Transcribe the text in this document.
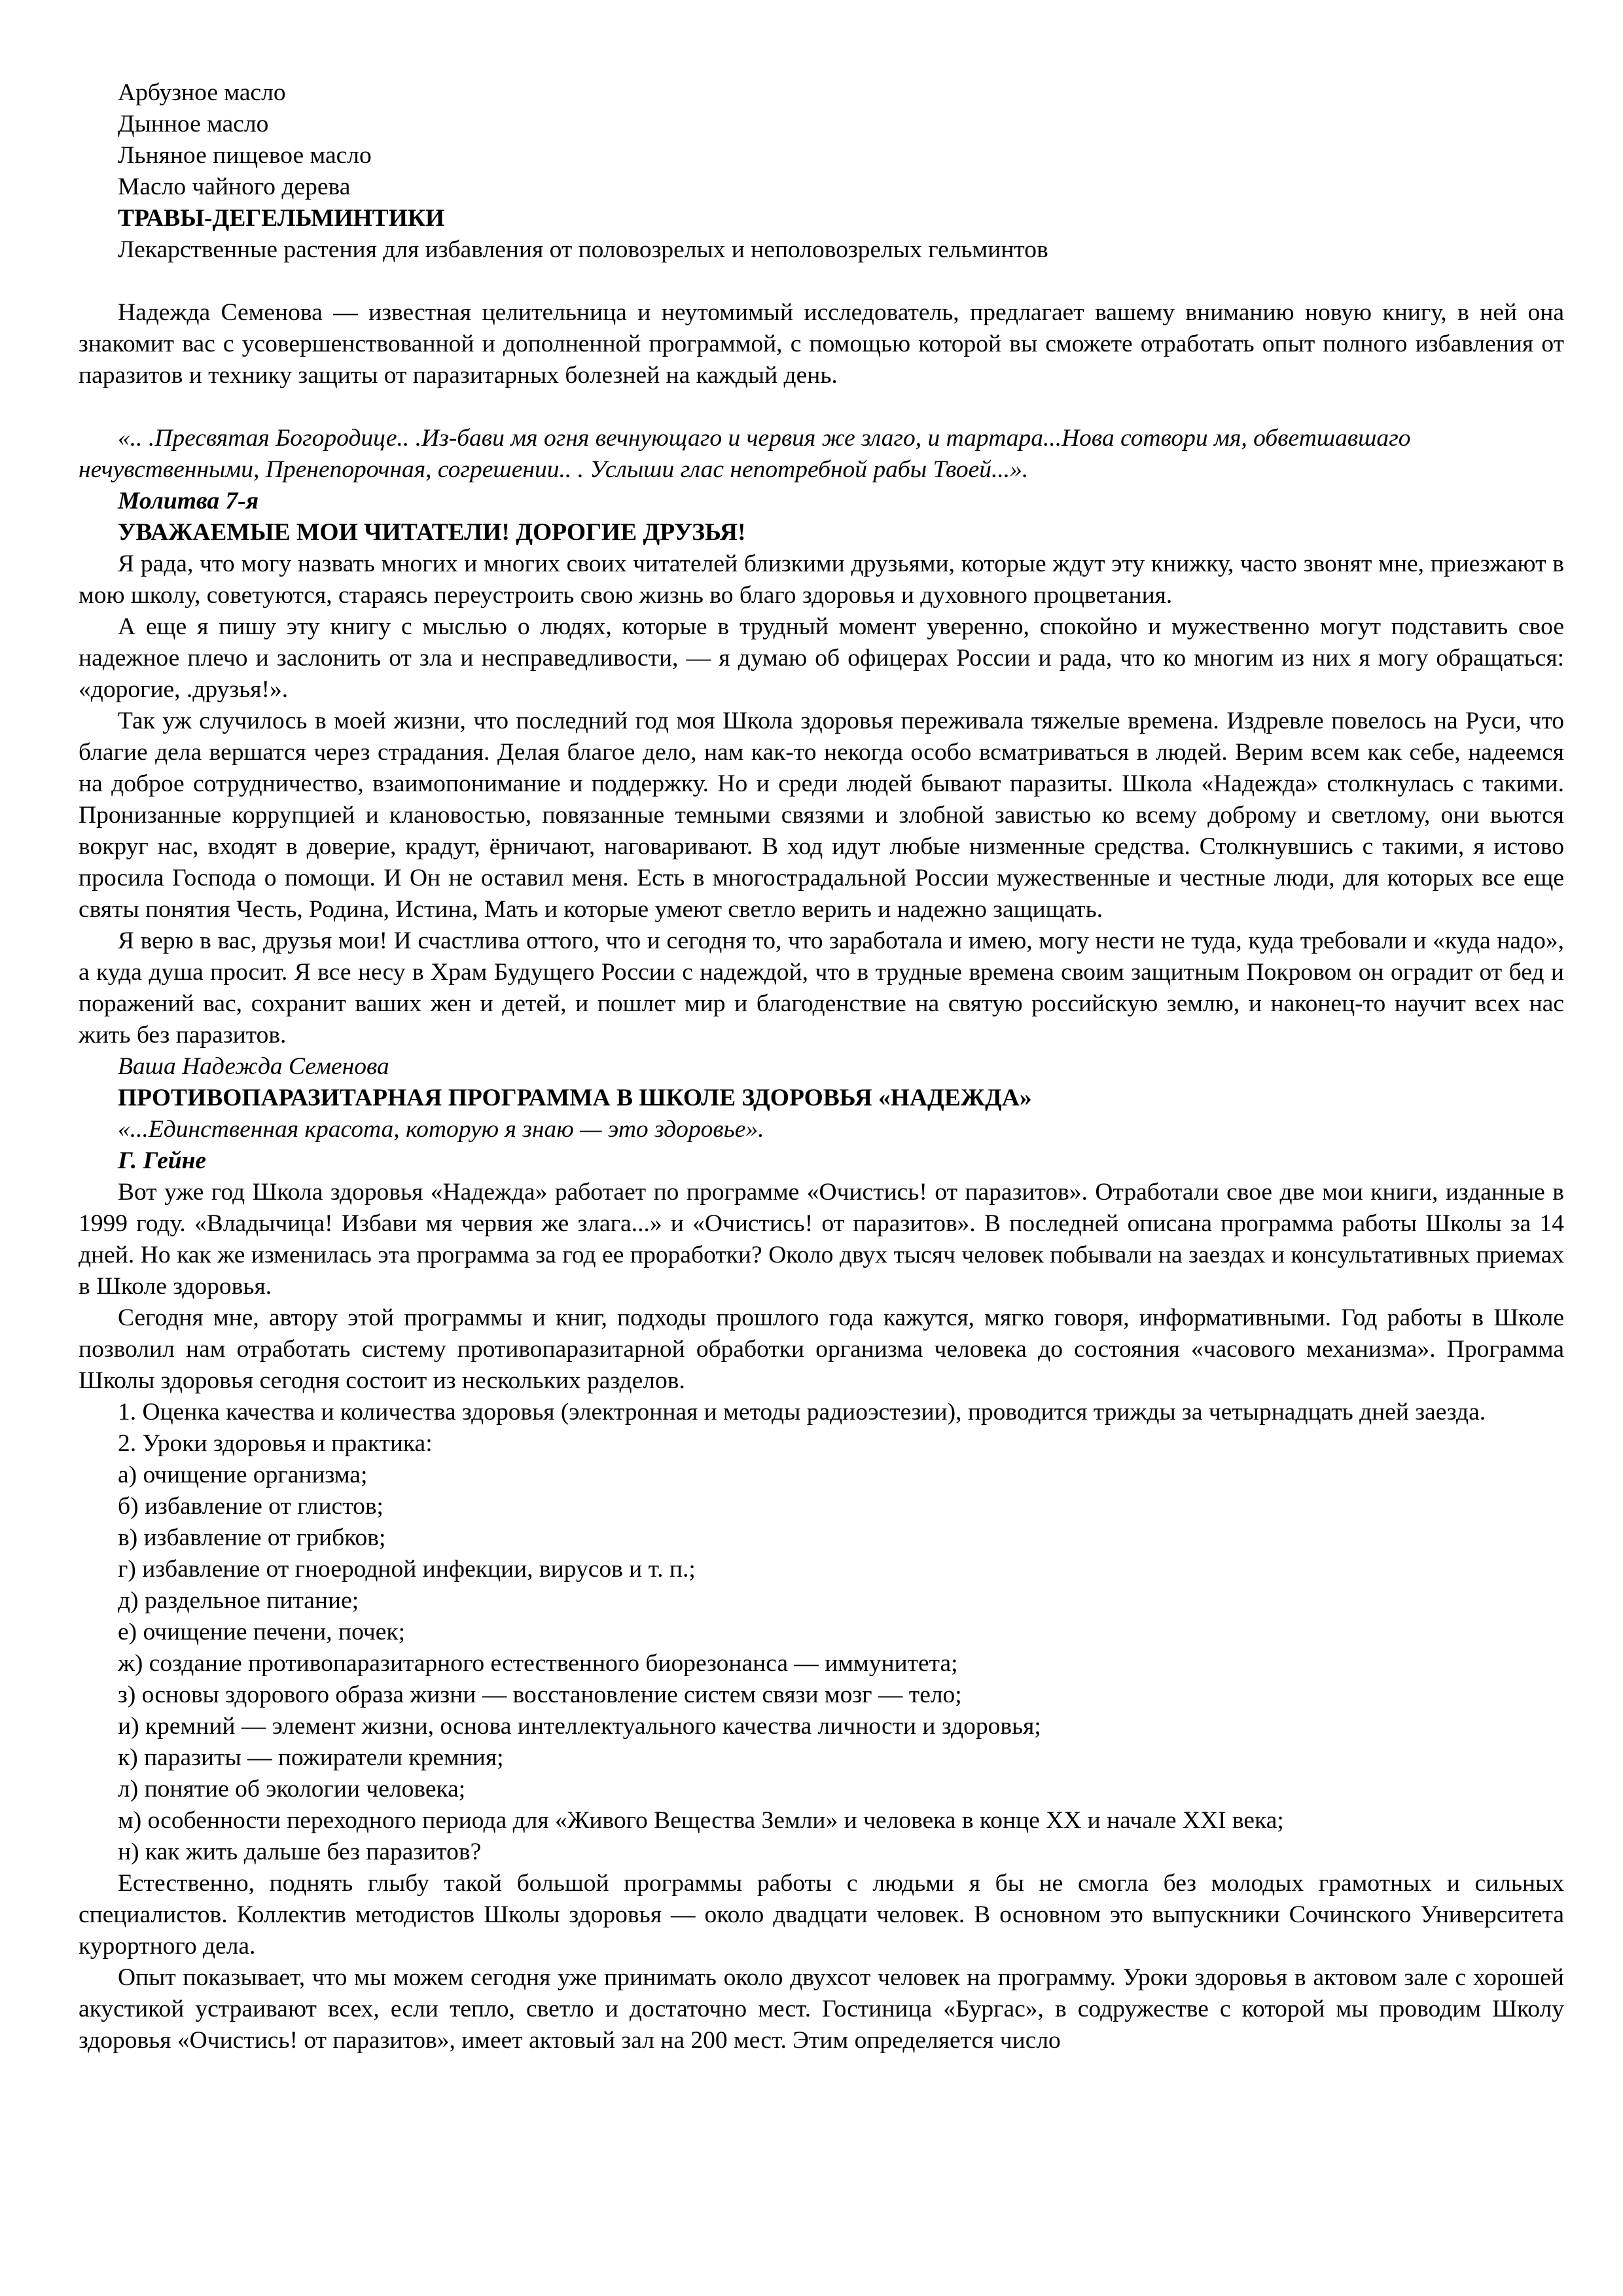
Арбузное масло

Дынное масло

Льняное пищевое масло

Масло чайного дерева

ТРАВЫ-ДЕГЕЛЬМИНТИКИ

Лекарственные растения для избавления от половозрелых и неполовозрелых гельминтов

Надежда Семенова — известная целительница и неутомимый исследователь, предлагает вашему вниманию новую книгу, в ней она знакомит вас с усовершенствованной и дополненной программой, с помощью которой вы сможете отработать опыт полного избавления от паразитов и технику защиты от паразитарных болезней на каждый день.

«.. .Пресвятая Богородице.. .Из-бави мя огня вечнующаго и червия же злаго, и тартара...Нова сотвори мя, обветшавшаго нечувственными, Пренепорочная, согрешении.. . Услыши глас непотребной рабы Твоей...».

Молитва 7-я

УВАЖАЕМЫЕ МОИ ЧИТАТЕЛИ! ДОРОГИЕ ДРУЗЬЯ!

Я рада, что могу назвать многих и многих своих читателей близкими друзьями, которые ждут эту книжку, часто звонят мне, приезжают в мою школу, советуются, стараясь переустроить свою жизнь во благо здоровья и духовного процветания.

А еще я пишу эту книгу с мыслью о людях, которые в трудный момент уверенно, спокойно и мужественно могут подставить свое надежное плечо и заслонить от зла и несправедливости, — я думаю об офицерах России и рада, что ко многим из них я могу обращаться: «дорогие, .друзья!».

Так уж случилось в моей жизни, что последний год моя Школа здоровья переживала тяжелые времена. Издревле повелось на Руси, что благие дела вершатся через страдания. Делая благое дело, нам как-то некогда особо всматриваться в людей. Верим всем как себе, надеемся на доброе сотрудничество, взаимопонимание и поддержку. Но и среди людей бывают паразиты. Школа «Надежда» столкнулась с такими. Пронизанные коррупцией и клановостью, повязанные темными связями и злобной завистью ко всему доброму и светлому, они вьются вокруг нас, входят в доверие, крадут, ёрничают, наговаривают. В ход идут любые низменные средства. Столкнувшись с такими, я истово просила Господа о помощи. И Он не оставил меня. Есть в многострадальной России мужественные и честные люди, для которых все еще святы понятия Честь, Родина, Истина, Мать и которые умеют светло верить и надежно защищать.

Я верю в вас, друзья мои! И счастлива оттого, что и сегодня то, что заработала и имею, могу нести не туда, куда требовали и «куда надо», а куда душа просит. Я все несу в Храм Будущего России с надеждой, что в трудные времена своим защитным Покровом он оградит от бед и поражений вас, сохранит ваших жен и детей, и пошлет мир и благоденствие на святую российскую землю, и наконец-то научит всех нас жить без паразитов.

Ваша Надежда Семенова

ПРОТИВОПАРАЗИТАРНАЯ ПРОГРАММА В ШКОЛЕ ЗДОРОВЬЯ «НАДЕЖДА»

«...Единственная красота, которую я знаю — это здоровье».

Г. Гейне

Вот уже год Школа здоровья «Надежда» работает по программе «Очистись! от паразитов». Отработали свое две мои книги, изданные в 1999 году. «Владычица! Избави мя червия же злага...» и «Очистись! от паразитов». В последней описана программа работы Школы за 14 дней. Но как же изменилась эта программа за год ее проработки? Около двух тысяч человек побывали на заездах и консультативных приемах в Школе здоровья.

Сегодня мне, автору этой программы и книг, подходы прошлого года кажутся, мягко говоря, информативными. Год работы в Школе позволил нам отработать систему противопаразитарной обработки организма человека до состояния «часового механизма». Программа Школы здоровья сегодня состоит из нескольких разделов.

1. Оценка качества и количества здоровья (электронная и методы радиоэстезии), проводится трижды за четырнадцать дней заезда.

2. Уроки здоровья и практика:

а) очищение организма;

б) избавление от глистов;

в) избавление от грибков;

г) избавление от гноеродной инфекции, вирусов и т. п.;

д) раздельное питание;

е) очищение печени, почек;

ж) создание противопаразитарного естественного биорезонанса — иммунитета;

з) основы здорового образа жизни — восстановление систем связи мозг — тело;

и) кремний — элемент жизни, основа интеллектуального качества личности и здоровья;

к) паразиты — пожиратели кремния;

л) понятие об экологии человека;

м) особенности переходного периода для «Живого Вещества Земли» и человека в конце XX и начале XXI века;

н) как жить дальше без паразитов?

Естественно, поднять глыбу такой большой программы работы с людьми я бы не смогла без молодых грамотных и сильных специалистов. Коллектив методистов Школы здоровья — около двадцати человек. В основном это выпускники Сочинского Университета курортного дела.

Опыт показывает, что мы можем сегодня уже принимать около двухсот человек на программу. Уроки здоровья в актовом зале с хорошей акустикой устраивают всех, если тепло, светло и достаточно мест. Гостиница «Бургас», в содружестве с которой мы проводим Школу здоровья «Очистись! от паразитов», имеет актовый зал на 200 мест. Этим определяется число
